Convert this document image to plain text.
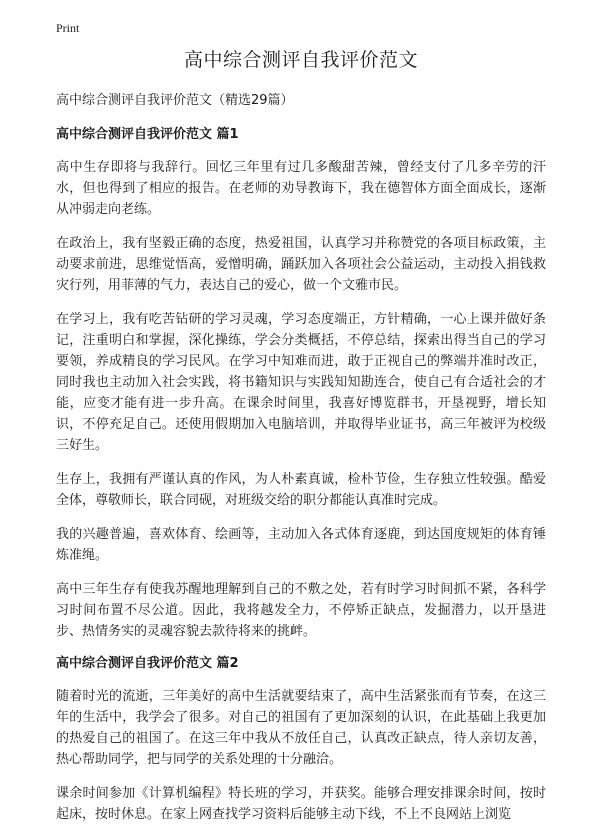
Print
高中综合测评自我评价范文
高中综合测评自我评价范文（精选29篇）
高中综合测评自我评价范文 篇1

高中生存即将与我辞行。回忆三年里有过几多酸甜苦辣，曾经支付了几多辛劳的汗水，但也得到了相应的报告。在老师的劝导教诲下，我在德智体方面全面成长，逐渐从冲弱走向老练。

在政治上，我有坚毅正确的态度，热爱祖国，认真学习并称赞党的各项目标政策，主动要求前进，思维觉悟高，爱憎明确，踊跃加入各项社会公益运动，主动投入捐钱救灾行列，用菲薄的气力，表达自己的爱心，做一个文雅市民。

在学习上，我有吃苦钻研的学习灵魂，学习态度端正，方针精确，一心上课并做好条记，注重明白和掌握，深化操练，学会分类概括，不停总结，探索出得当自己的学习要领，养成精良的学习民风。在学习中知难而进，敢于正视自己的弊端并准时改正，同时我也主动加入社会实践，将书籍知识与实践知知勘连合，使自己有合适社会的才能，应变才能有进一步升高。在课余时间里，我喜好博览群书，开垦视野，增长知识，不停充足自己。还使用假期加入电脑培训，并取得毕业证书，高三年被评为校级三好生。

生存上，我拥有严谨认真的作风，为人朴素真诚，检朴节俭，生存独立性较强。酷爱全体，尊敬师长，联合同砚，对班级交给的职分都能认真准时完成。

我的兴趣普遍，喜欢体育、绘画等，主动加入各式体育逐鹿，到达国度规矩的体育锤炼准绳。

高中三年生存有使我苏醒地理解到自己的不敷之处，若有时学习时间抓不紧，各科学习时间布置不尽公道。因此，我将越发全力，不停矫正缺点，发掘潜力，以开垦进步、热情务实的灵魂容貌去款待将来的挑衅。

高中综合测评自我评价范文 篇2

随着时光的流逝，三年美好的高中生活就要结束了，高中生活紧张而有节奏，在这三年的生活中，我学会了很多。对自己的祖国有了更加深刻的认识，在此基础上我更加的热爱自己的祖国了。在这三年中我从不放任自己，认真改正缺点，待人亲切友善，热心帮助同学，把与同学的关系处理的十分融洽。

课余时间参加《计算机编程》特长班的学习，并获奖。能够合理安排课余时间，按时起床，按时休息。在家上网查找学习资料后能够主动下线，不上不良网站上浏览
